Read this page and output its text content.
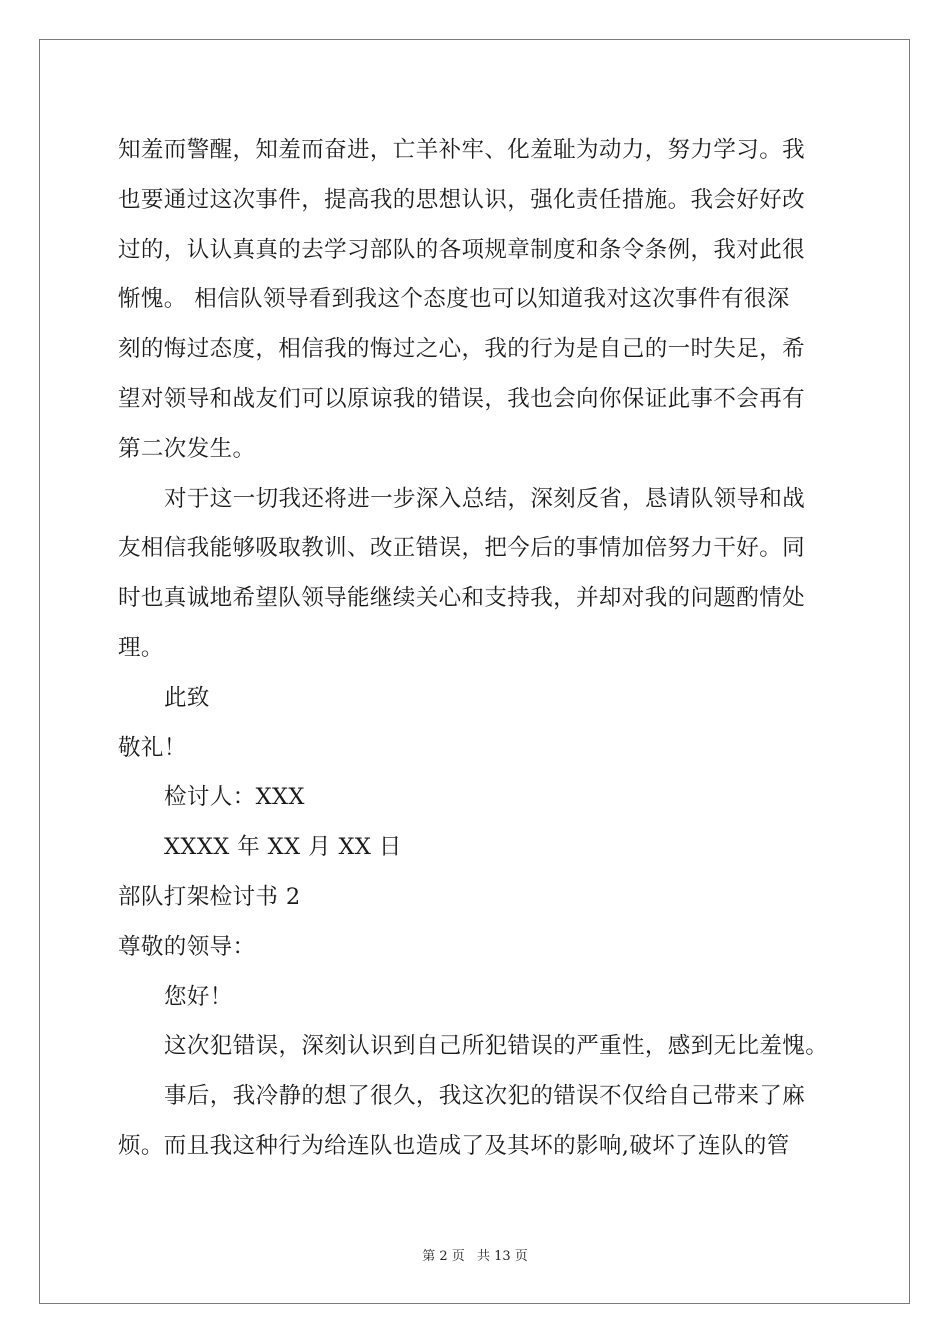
知羞而警醒，知羞而奋进，亡羊补牢、化羞耻为动力，努力学习。我
也要通过这次事件，提高我的思想认识，强化责任措施。我会好好改
过的，认认真真的去学习部队的各项规章制度和条令条例，我对此很
惭愧。 相信队领导看到我这个态度也可以知道我对这次事件有很深
刻的悔过态度，相信我的悔过之心，我的行为是自己的一时失足，希
望对领导和战友们可以原谅我的错误，我也会向你保证此事不会再有
第二次发生。
对于这一切我还将进一步深入总结，深刻反省，恳请队领导和战
友相信我能够吸取教训、改正错误，把今后的事情加倍努力干好。同
时也真诚地希望队领导能继续关心和支持我，并却对我的问题酌情处
理。
此致
敬礼！
检讨人：XXX
XXXX 年 XX 月 XX 日
部队打架检讨书 2
尊敬的领导：
您好！
这次犯错误，深刻认识到自己所犯错误的严重性，感到无比羞愧。
事后，我冷静的想了很久，我这次犯的错误不仅给自己带来了麻
烦。而且我这种行为给连队也造成了及其坏的影响,破坏了连队的管
第 2 页 共 13 页
